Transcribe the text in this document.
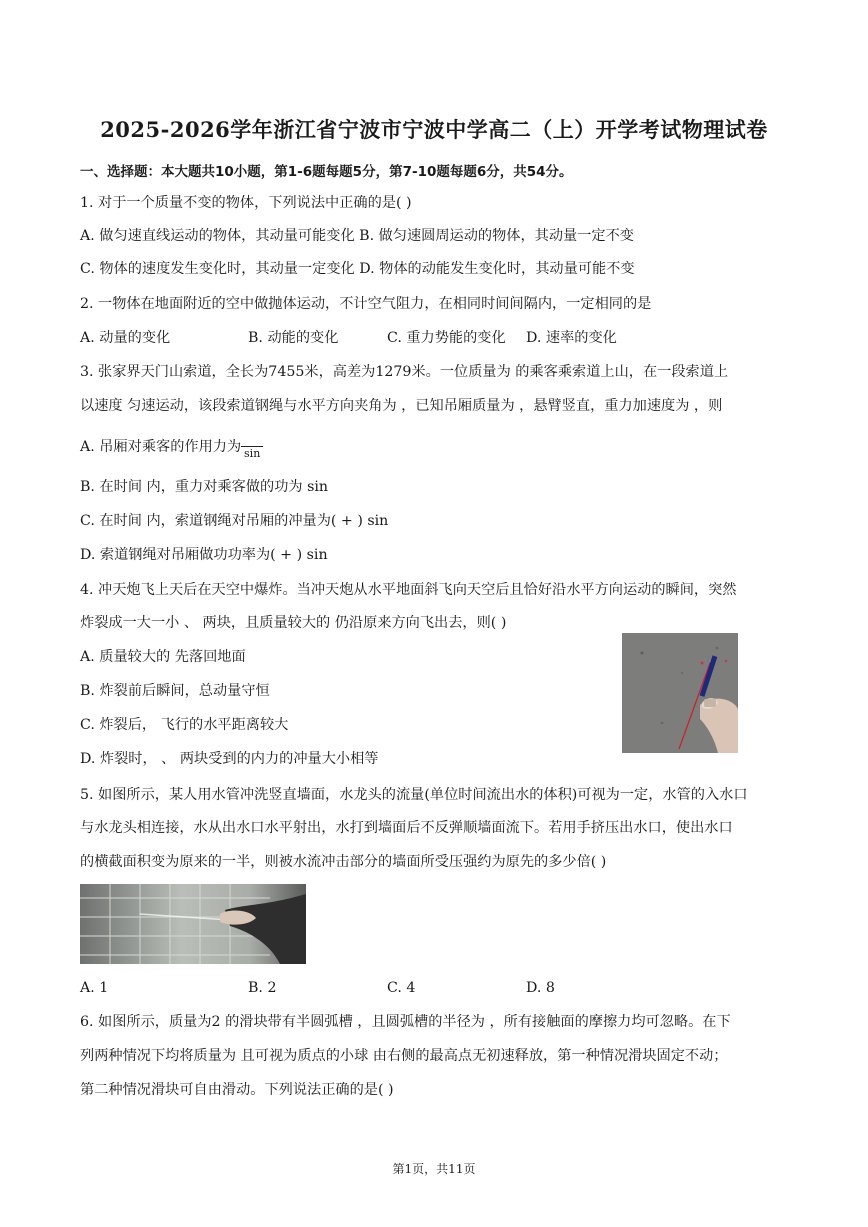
2025-2026学年浙江省宁波市宁波中学高二（上）开学考试物理试卷
一、选择题：本大题共10小题，第1-6题每题5分，第7-10题每题6分，共54分。
1. 对于一个质量不变的物体，下列说法中正确的是( )
A. 做匀速直线运动的物体，其动量可能变化 B. 做匀速圆周运动的物体，其动量一定不变
C. 物体的速度发生变化时，其动量一定变化 D. 物体的动能发生变化时，其动量可能不变
2. 一物体在地面附近的空中做抛体运动，不计空气阻力，在相同时间间隔内，一定相同的是
A. 动量的变化	B. 动能的变化	C. 重力势能的变化 D. 速率的变化
3. 张家界天门山索道，全长为7455米，高差为1279米。一位质量为 的乘客乘索道上山，在一段索道上
以速度 匀速运动，该段索道钢绳与水平方向夹角为 ，已知吊厢质量为 ，悬臂竖直，重力加速度为 ，则
A. 吊厢对乘客的作用力为 sin
B. 在时间 内，重力对乘客做的功为 sin
C. 在时间 内，索道钢绳对吊厢的冲量为( + ) sin
D. 索道钢绳对吊厢做功功率为( + ) sin
4. 冲天炮飞上天后在天空中爆炸。当冲天炮从水平地面斜飞向天空后且恰好沿水平方向运动的瞬间，突然
炸裂成一大一小 、 两块，且质量较大的 仍沿原来方向飞出去，则( )
A. 质量较大的 先落回地面
B. 炸裂前后瞬间，总动量守恒
C. 炸裂后， 飞行的水平距离较大
D. 炸裂时， 、 两块受到的内力的冲量大小相等
5. 如图所示，某人用水管冲洗竖直墙面，水龙头的流量(单位时间流出水的体积)可视为一定，水管的入水口
与水龙头相连接，水从出水口水平射出，水打到墙面后不反弹顺墙面流下。若用手挤压出水口，使出水口
的横截面积变为原来的一半，则被水流冲击部分的墙面所受压强约为原先的多少倍( )
A. 1	B. 2	C. 4	D. 8
6. 如图所示，质量为2 的滑块带有半圆弧槽 ，且圆弧槽的半径为 ，所有接触面的摩擦力均可忽略。在下
列两种情况下均将质量为 且可视为质点的小球 由右侧的最高点无初速释放，第一种情况滑块固定不动；
第二种情况滑块可自由滑动。下列说法正确的是( )
第1页，共11页
